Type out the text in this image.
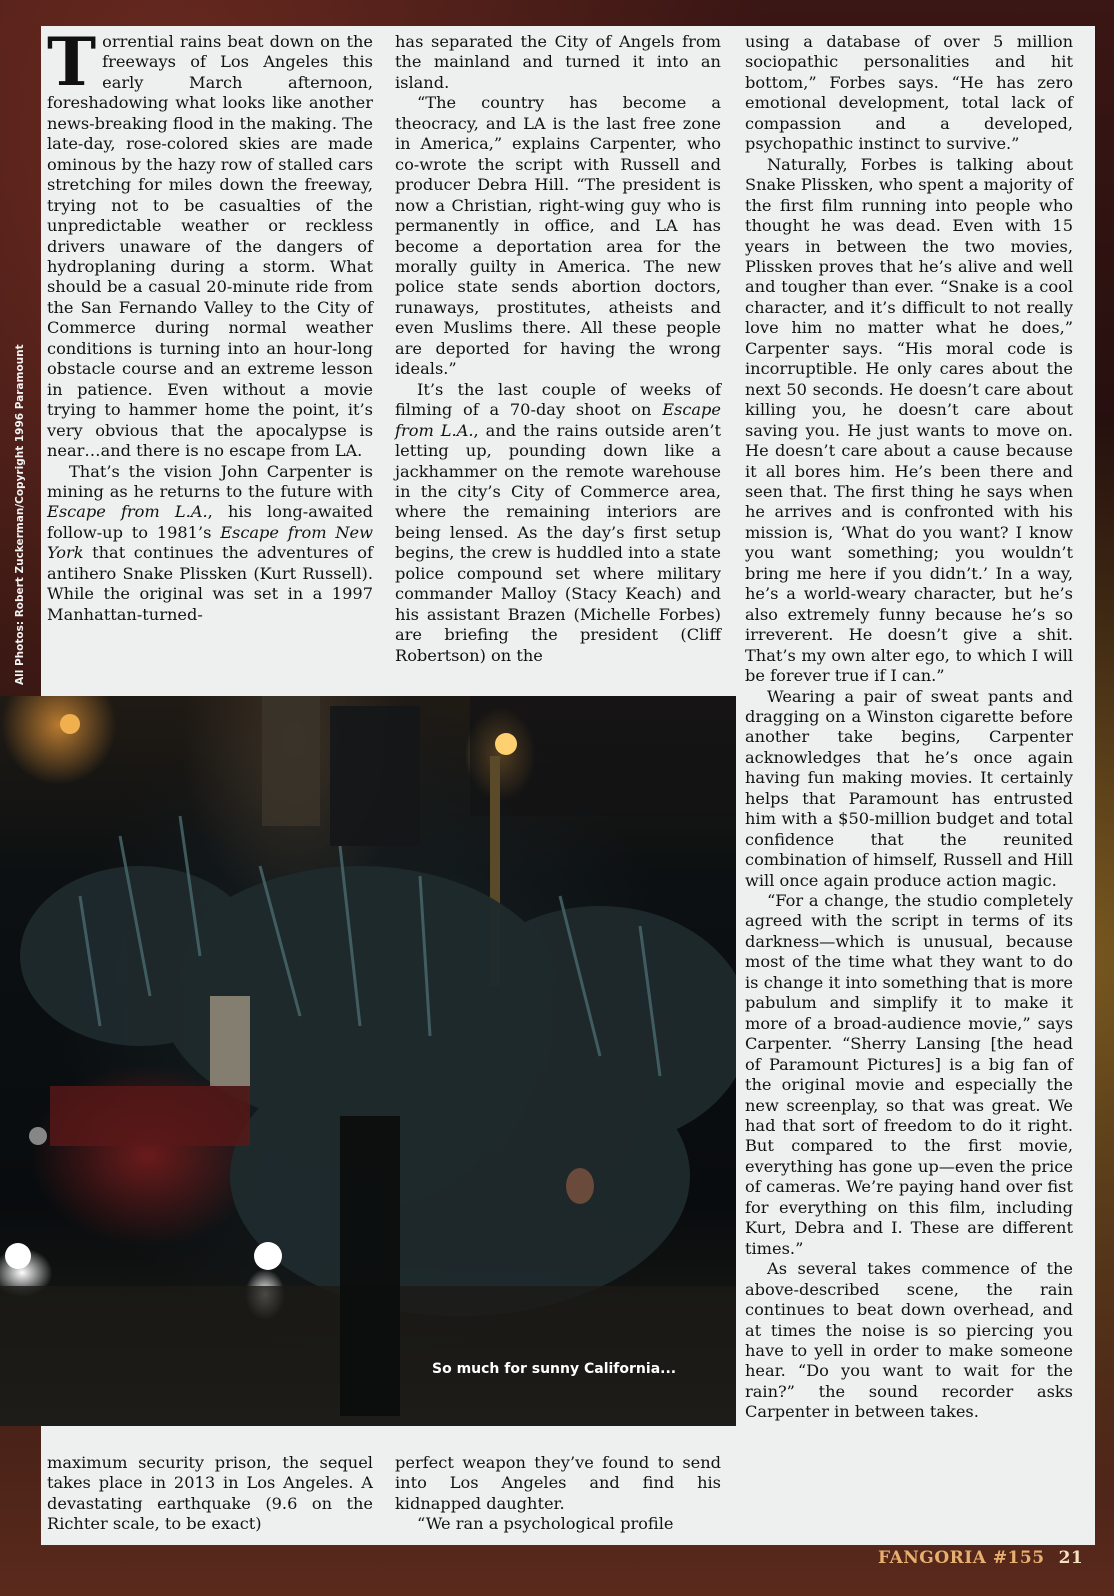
Torrential rains beat down on the freeways of Los Angeles this early March afternoon, foreshadowing what looks like another news-breaking flood in the making. The late-day, rose-colored skies are made ominous by the hazy row of stalled cars stretching for miles down the freeway, trying not to be casualties of the unpredictable weather or reckless drivers unaware of the dangers of hydroplaning during a storm. What should be a casual 20-minute ride from the San Fernando Valley to the City of Commerce during normal weather conditions is turning into an hour-long obstacle course and an extreme lesson in patience. Even without a movie trying to hammer home the point, it’s very obvious that the apocalypse is near…and there is no escape from LA.

That’s the vision John Carpenter is mining as he returns to the future with Escape from L.A., his long-awaited follow-up to 1981’s Escape from New York that continues the adventures of antihero Snake Plissken (Kurt Russell). While the original was set in a 1997 Manhattan-turned-

has separated the City of Angels from the mainland and turned it into an island.

“The country has become a theocracy, and LA is the last free zone in America,” explains Carpenter, who co-wrote the script with Russell and producer Debra Hill. “The president is now a Christian, right-wing guy who is permanently in office, and LA has become a deportation area for the morally guilty in America. The new police state sends abortion doctors, runaways, prostitutes, atheists and even Muslims there. All these people are deported for having the wrong ideals.”

It’s the last couple of weeks of filming of a 70-day shoot on Escape from L.A., and the rains outside aren’t letting up, pounding down like a jackhammer on the remote warehouse in the city’s City of Commerce area, where the remaining interiors are being lensed. As the day’s first setup begins, the crew is huddled into a state police compound set where military commander Malloy (Stacy Keach) and his assistant Brazen (Michelle Forbes) are briefing the president (Cliff Robertson) on the

using a database of over 5 million sociopathic personalities and hit bottom,” Forbes says. “He has zero emotional development, total lack of compassion and a developed, psychopathic instinct to survive.”

Naturally, Forbes is talking about Snake Plissken, who spent a majority of the first film running into people who thought he was dead. Even with 15 years in between the two movies, Plissken proves that he’s alive and well and tougher than ever. “Snake is a cool character, and it’s difficult to not really love him no matter what he does,” Carpenter says. “His moral code is incorruptible. He only cares about the next 50 seconds. He doesn’t care about killing you, he doesn’t care about saving you. He just wants to move on. He doesn’t care about a cause because it all bores him. He’s been there and seen that. The first thing he says when he arrives and is confronted with his mission is, ‘What do you want? I know you want something; you wouldn’t bring me here if you didn’t.’ In a way, he’s a world-weary character, but he’s also extremely funny because he’s so irreverent. He doesn’t give a shit. That’s my own alter ego, to which I will be forever true if I can.”

Wearing a pair of sweat pants and dragging on a Winston cigarette before another take begins, Carpenter acknowledges that he’s once again having fun making movies. It certainly helps that Paramount has entrusted him with a $50-million budget and total confidence that the reunited combination of himself, Russell and Hill will once again produce action magic.

“For a change, the studio completely agreed with the script in terms of its darkness—which is unusual, because most of the time what they want to do is change it into something that is more pabulum and simplify it to make it more of a broad-audience movie,” says Carpenter. “Sherry Lansing [the head of Paramount Pictures] is a big fan of the original movie and especially the new screenplay, so that was great. We had that sort of freedom to do it right. But compared to the first movie, everything has gone up—even the price of cameras. We’re paying hand over fist for everything on this film, including Kurt, Debra and I. These are different times.”

As several takes commence of the above-described scene, the rain continues to beat down overhead, and at times the noise is so piercing you have to yell in order to make someone hear. “Do you want to wait for the rain?” the sound recorder asks Carpenter in between takes.

So much for sunny California...
All Photos: Robert Zuckerman/Copyright 1996 Paramount

maximum security prison, the sequel takes place in 2013 in Los Angeles. A devastating earthquake (9.6 on the Richter scale, to be exact)

perfect weapon they’ve found to send into Los Angeles and find his kidnapped daughter.

“We ran a psychological profile

FANGORIA #155 21
